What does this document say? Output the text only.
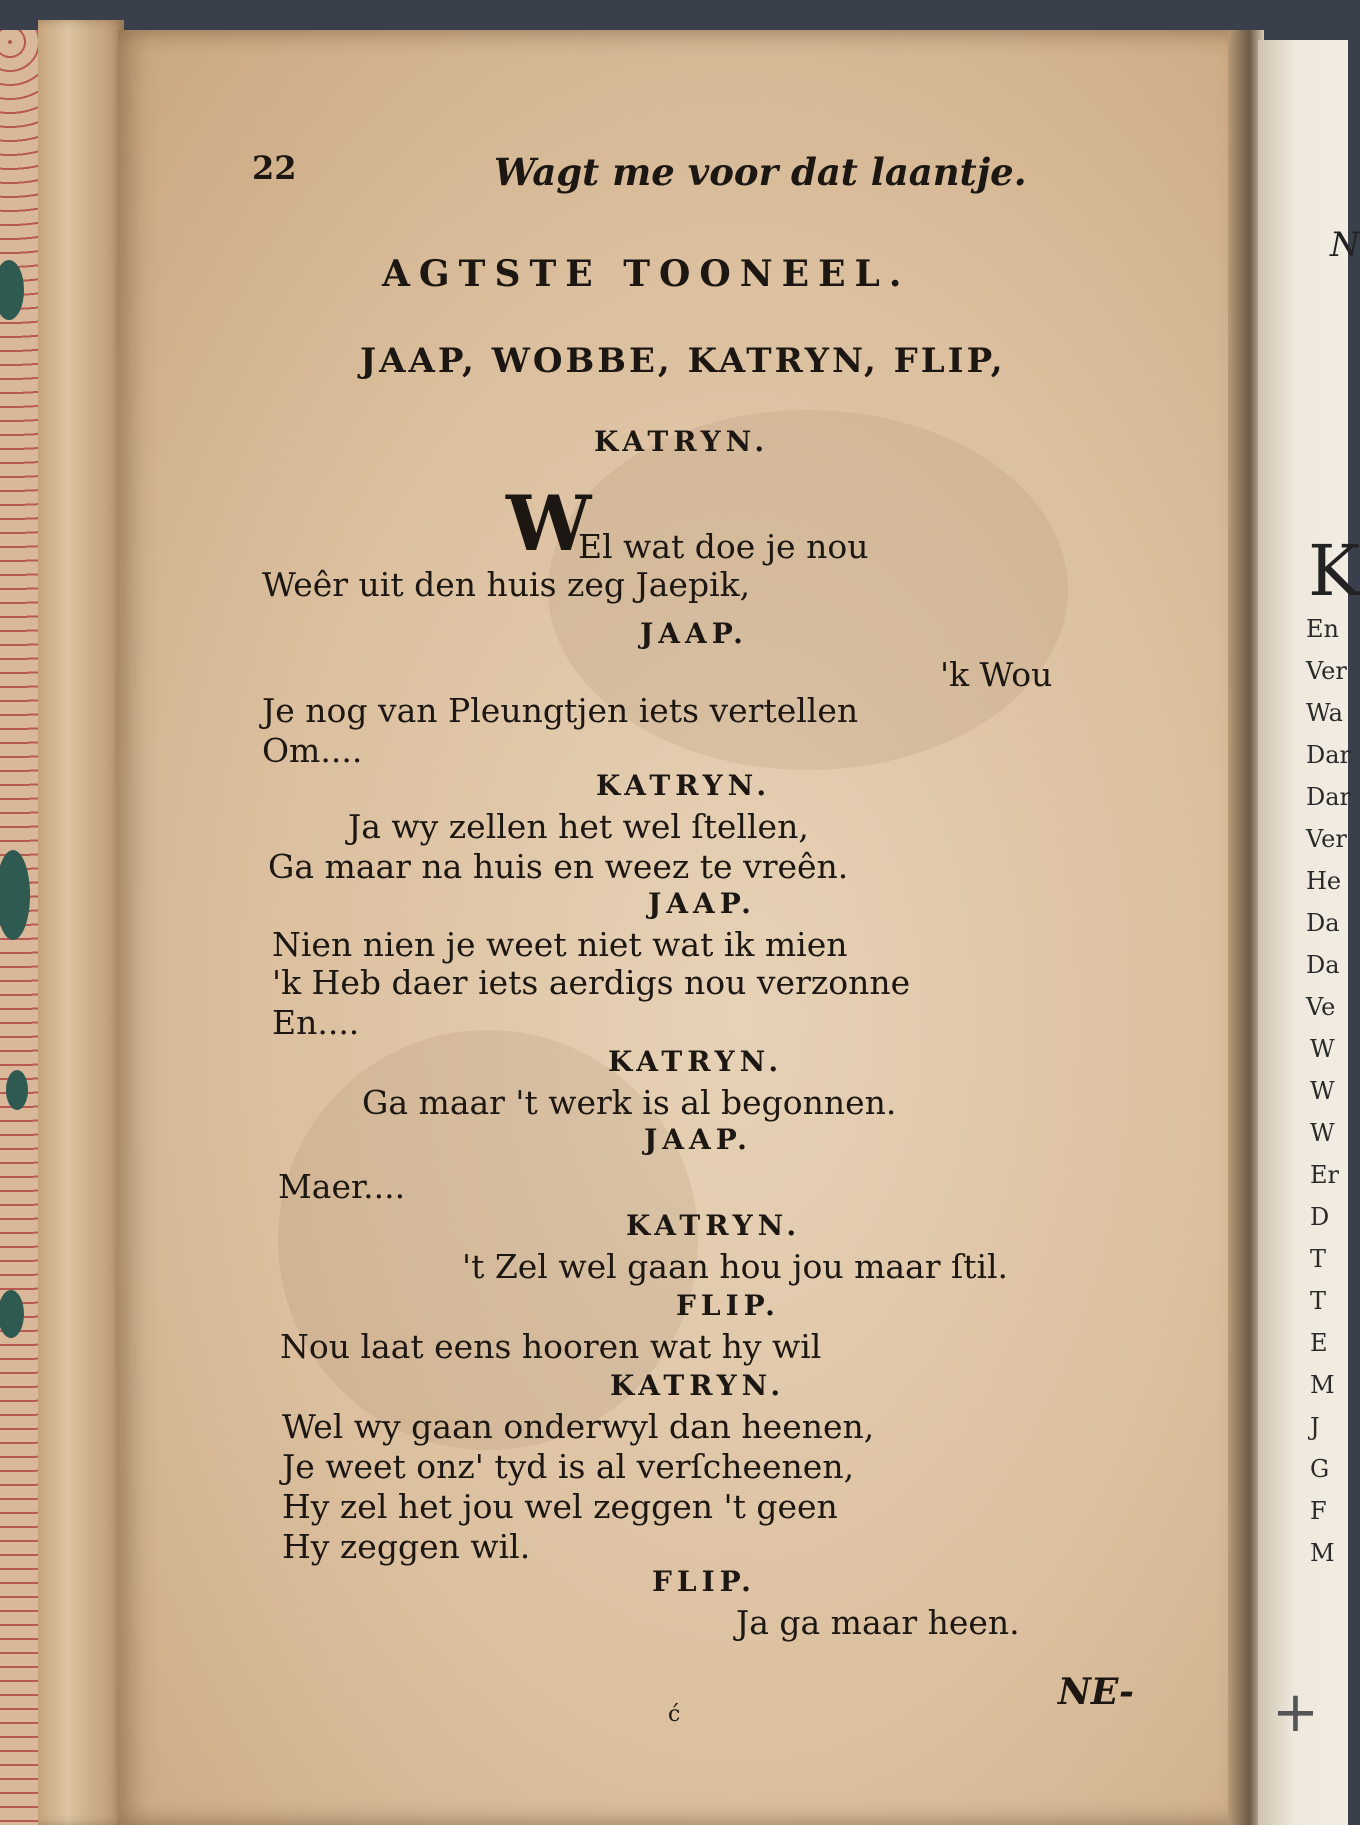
N
K
En
Ver
Wa
Dar
Dar
Ver
He
Da
Da
Ve
W
W
W
Er
D
T
T
E
M
J
G
F
M
+
22	Wagt me voor dat laantje.
AGTSTE TOONEEL.
JAAP, WOBBE, KATRYN, FLIP,
KATRYN.
W
El wat doe je nou
Weêr uit den huis zeg Jaepik,
JAAP.
'k Wou
Je nog van Pleungtjen iets vertellen
Om....
KATRYN.
Ja wy zellen het wel ſtellen,
Ga maar na huis en weez te vreên.
JAAP.
Nien nien je weet niet wat ik mien
'k Heb daer iets aerdigs nou verzonne
En....
KATRYN.
Ga maar 't werk is al begonnen.
JAAP.
Maer....
KATRYN.
't Zel wel gaan hou jou maar ſtil.
FLIP.
Nou laat eens hooren wat hy wil
KATRYN.
Wel wy gaan onderwyl dan heenen,
Je weet onz' tyd is al verſcheenen,
Hy zel het jou wel zeggen 't geen
Hy zeggen wil.
FLIP.
Ja ga maar heen.
NE-
ć
